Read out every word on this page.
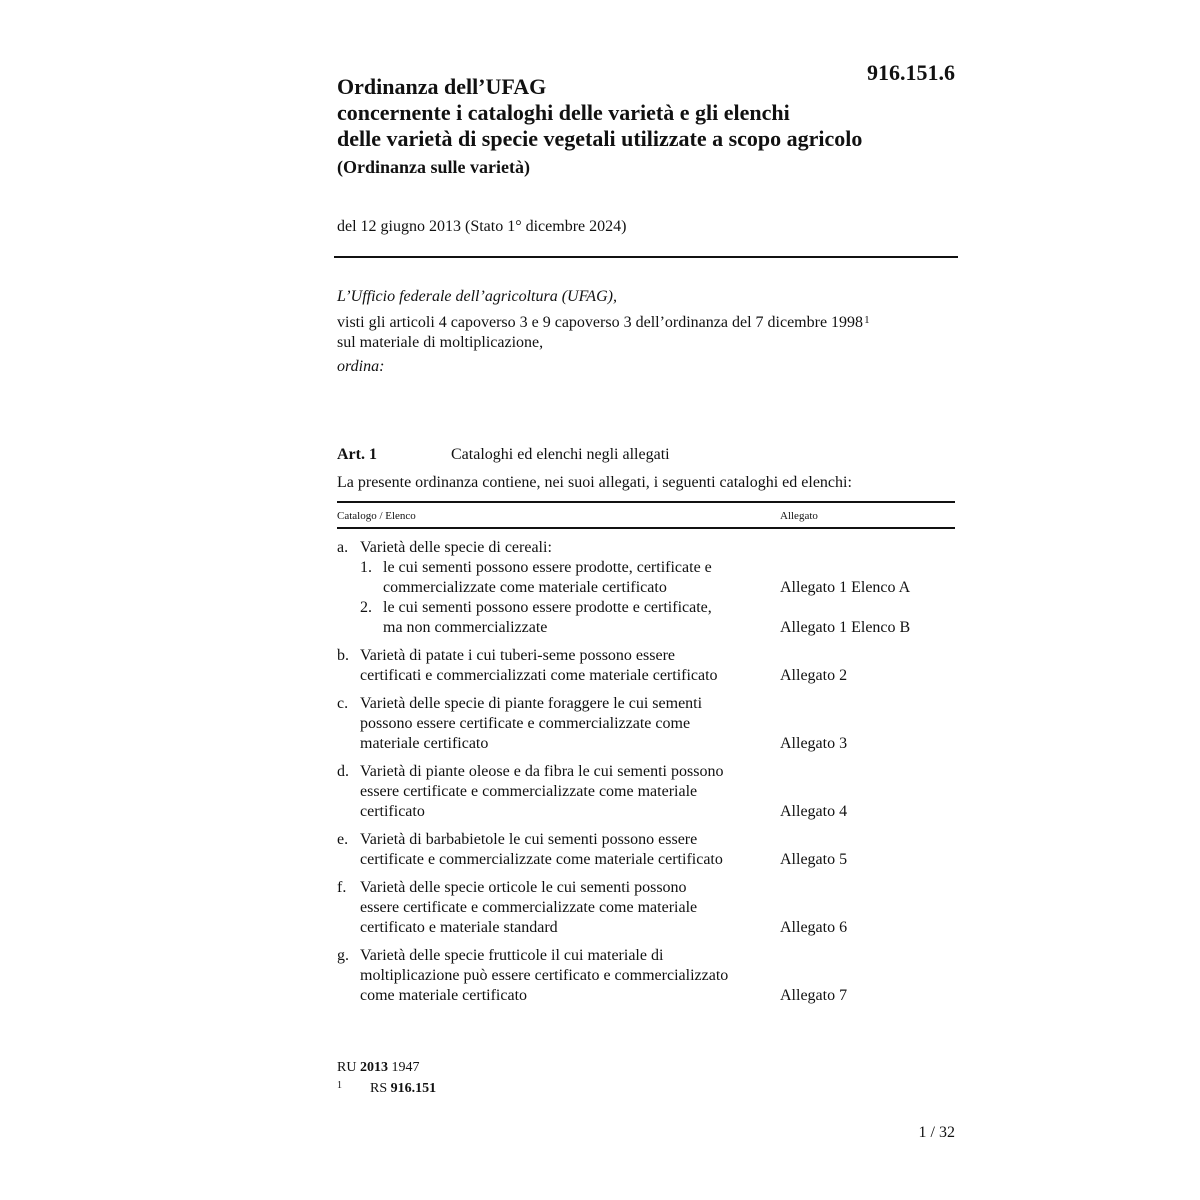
916.151.6
Ordinanza dell’UFAG
concernente i cataloghi delle varietà e gli elenchi
delle varietà di specie vegetali utilizzate a scopo agricolo
(Ordinanza sulle varietà)
del 12 giugno 2013 (Stato 1° dicembre 2024)
L’Ufficio federale dell’agricoltura (UFAG),
visti gli articoli 4 capoverso 3 e 9 capoverso 3 dell’ordinanza del 7 dicembre 1998$^1$
sul materiale di moltiplicazione,
ordina:
Art. 1	Cataloghi ed elenchi negli allegati
La presente ordinanza contiene, nei suoi allegati, i seguenti cataloghi ed elenchi:
Catalogo / Elenco	Allegato
a. Varietà delle specie di cereali:
1. le cui sementi possono essere prodotte, certificate e
commercializzate come materiale certificato	Allegato 1 Elenco A
2. le cui sementi possono essere prodotte e certificate,
ma non commercializzate	Allegato 1 Elenco B
b. Varietà di patate i cui tuberi-seme possono essere
certificati e commercializzati come materiale certificato	Allegato 2
c. Varietà delle specie di piante foraggere le cui sementi
possono essere certificate e commercializzate come
materiale certificato	Allegato 3
d. Varietà di piante oleose e da fibra le cui sementi possono
essere certificate e commercializzate come materiale
certificato	Allegato 4
e. Varietà di barbabietole le cui sementi possono essere
certificate e commercializzate come materiale certificato	Allegato 5
f. Varietà delle specie orticole le cui sementi possono
essere certificate e commercializzate come materiale
certificato e materiale standard	Allegato 6
g. Varietà delle specie frutticole il cui materiale di
moltiplicazione può essere certificato e commercializzato
come materiale certificato	Allegato 7
RU 2013 1947
1	RS 916.151
1 / 32
